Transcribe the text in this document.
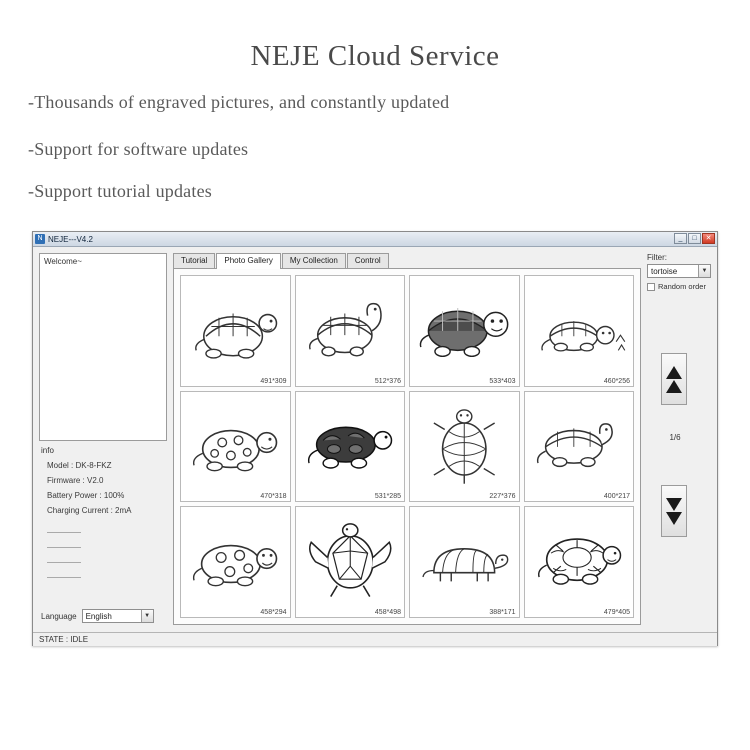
NEJE Cloud Service
-Thousands of engraved pictures, and constantly updated
-Support for software updates
-Support tutorial updates
N NEJE---V4.2	_	□	✕
Welcome~
info
Model : DK-8-FKZ
Firmware : V2.0
Battery Power : 100%
Charging Current : 2mA
Language	English	▼
Tutorial	Photo Gallery	My Collection	Control
491*309	512*376	533*403	460*256
470*318	531*285	227*376	400*217
458*294	458*498	388*171	479*405
Filter:
tortoise	▼
Random order
1/6
STATE : IDLE
